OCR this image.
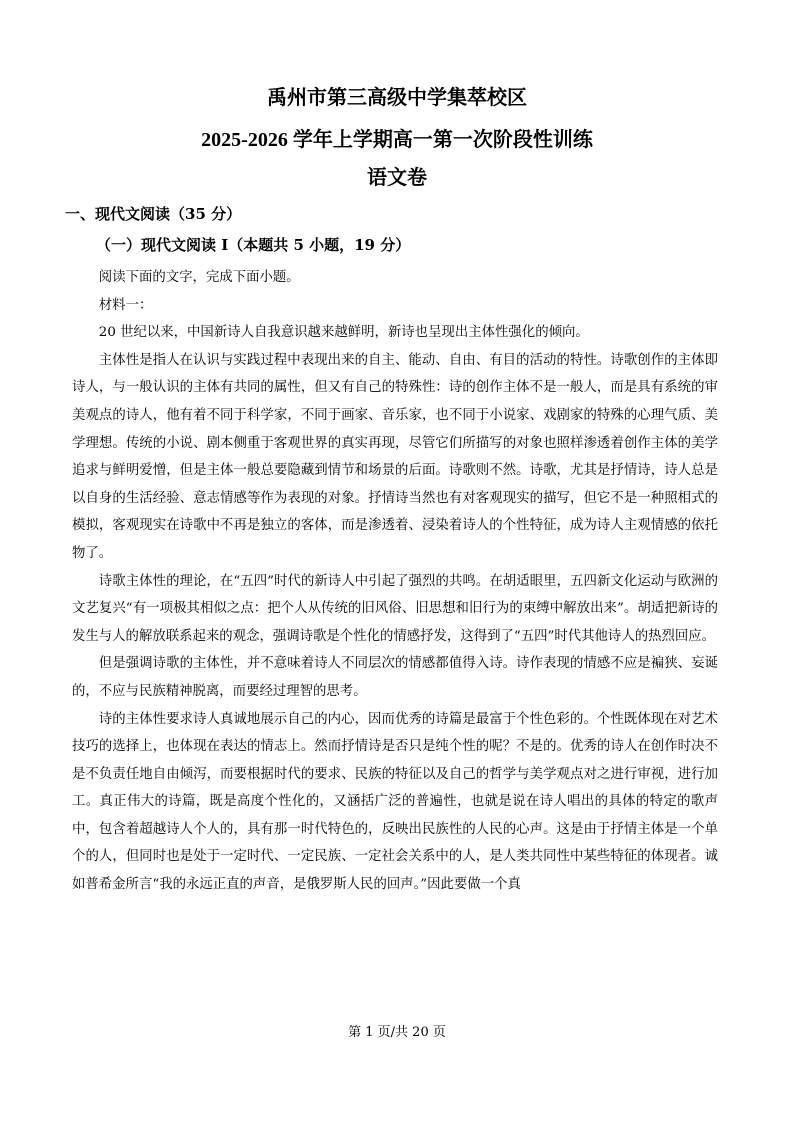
禹州市第三高级中学集萃校区
2025-2026 学年上学期高一第一次阶段性训练
语文卷
一、现代文阅读（35 分）
（一）现代文阅读 I（本题共 5 小题，19 分）

阅读下面的文字，完成下面小题。

材料一：

20 世纪以来，中国新诗人自我意识越来越鲜明，新诗也呈现出主体性强化的倾向。

主体性是指人在认识与实践过程中表现出来的自主、能动、自由、有目的活动的特性。诗歌创作的主体即诗人，与一般认识的主体有共同的属性，但又有自己的特殊性：诗的创作主体不是一般人，而是具有系统的审美观点的诗人，他有着不同于科学家，不同于画家、音乐家，也不同于小说家、戏剧家的特殊的心理气质、美学理想。传统的小说、剧本侧重于客观世界的真实再现，尽管它们所描写的对象也照样渗透着创作主体的美学追求与鲜明爱憎，但是主体一般总要隐藏到情节和场景的后面。诗歌则不然。诗歌，尤其是抒情诗，诗人总是以自身的生活经验、意志情感等作为表现的对象。抒情诗当然也有对客观现实的描写，但它不是一种照相式的模拟，客观现实在诗歌中不再是独立的客体，而是渗透着、浸染着诗人的个性特征，成为诗人主观情感的依托物了。

诗歌主体性的理论，在“五四”时代的新诗人中引起了强烈的共鸣。在胡适眼里，五四新文化运动与欧洲的文艺复兴“有一项极其相似之点：把个人从传统的旧风俗、旧思想和旧行为的束缚中解放出来”。胡适把新诗的发生与人的解放联系起来的观念，强调诗歌是个性化的情感抒发，这得到了“五四”时代其他诗人的热烈回应。

但是强调诗歌的主体性，并不意味着诗人不同层次的情感都值得入诗。诗作表现的情感不应是褊狭、妄诞的，不应与民族精神脱离，而要经过理智的思考。

诗的主体性要求诗人真诚地展示自己的内心，因而优秀的诗篇是最富于个性色彩的。个性既体现在对艺术技巧的选择上，也体现在表达的情志上。然而抒情诗是否只是纯个性的呢？不是的。优秀的诗人在创作时决不是不负责任地自由倾泻，而要根据时代的要求、民族的特征以及自己的哲学与美学观点对之进行审视，进行加工。真正伟大的诗篇，既是高度个性化的，又涵括广泛的普遍性，也就是说在诗人唱出的具体的特定的歌声中，包含着超越诗人个人的，具有那一时代特色的，反映出民族性的人民的心声。这是由于抒情主体是一个单个的人，但同时也是处于一定时代、一定民族、一定社会关系中的人，是人类共同性中某些特征的体现者。诚如普希金所言“我的永远正直的声音，是俄罗斯人民的回声。”因此要做一个真

第 1 页/共 20 页
